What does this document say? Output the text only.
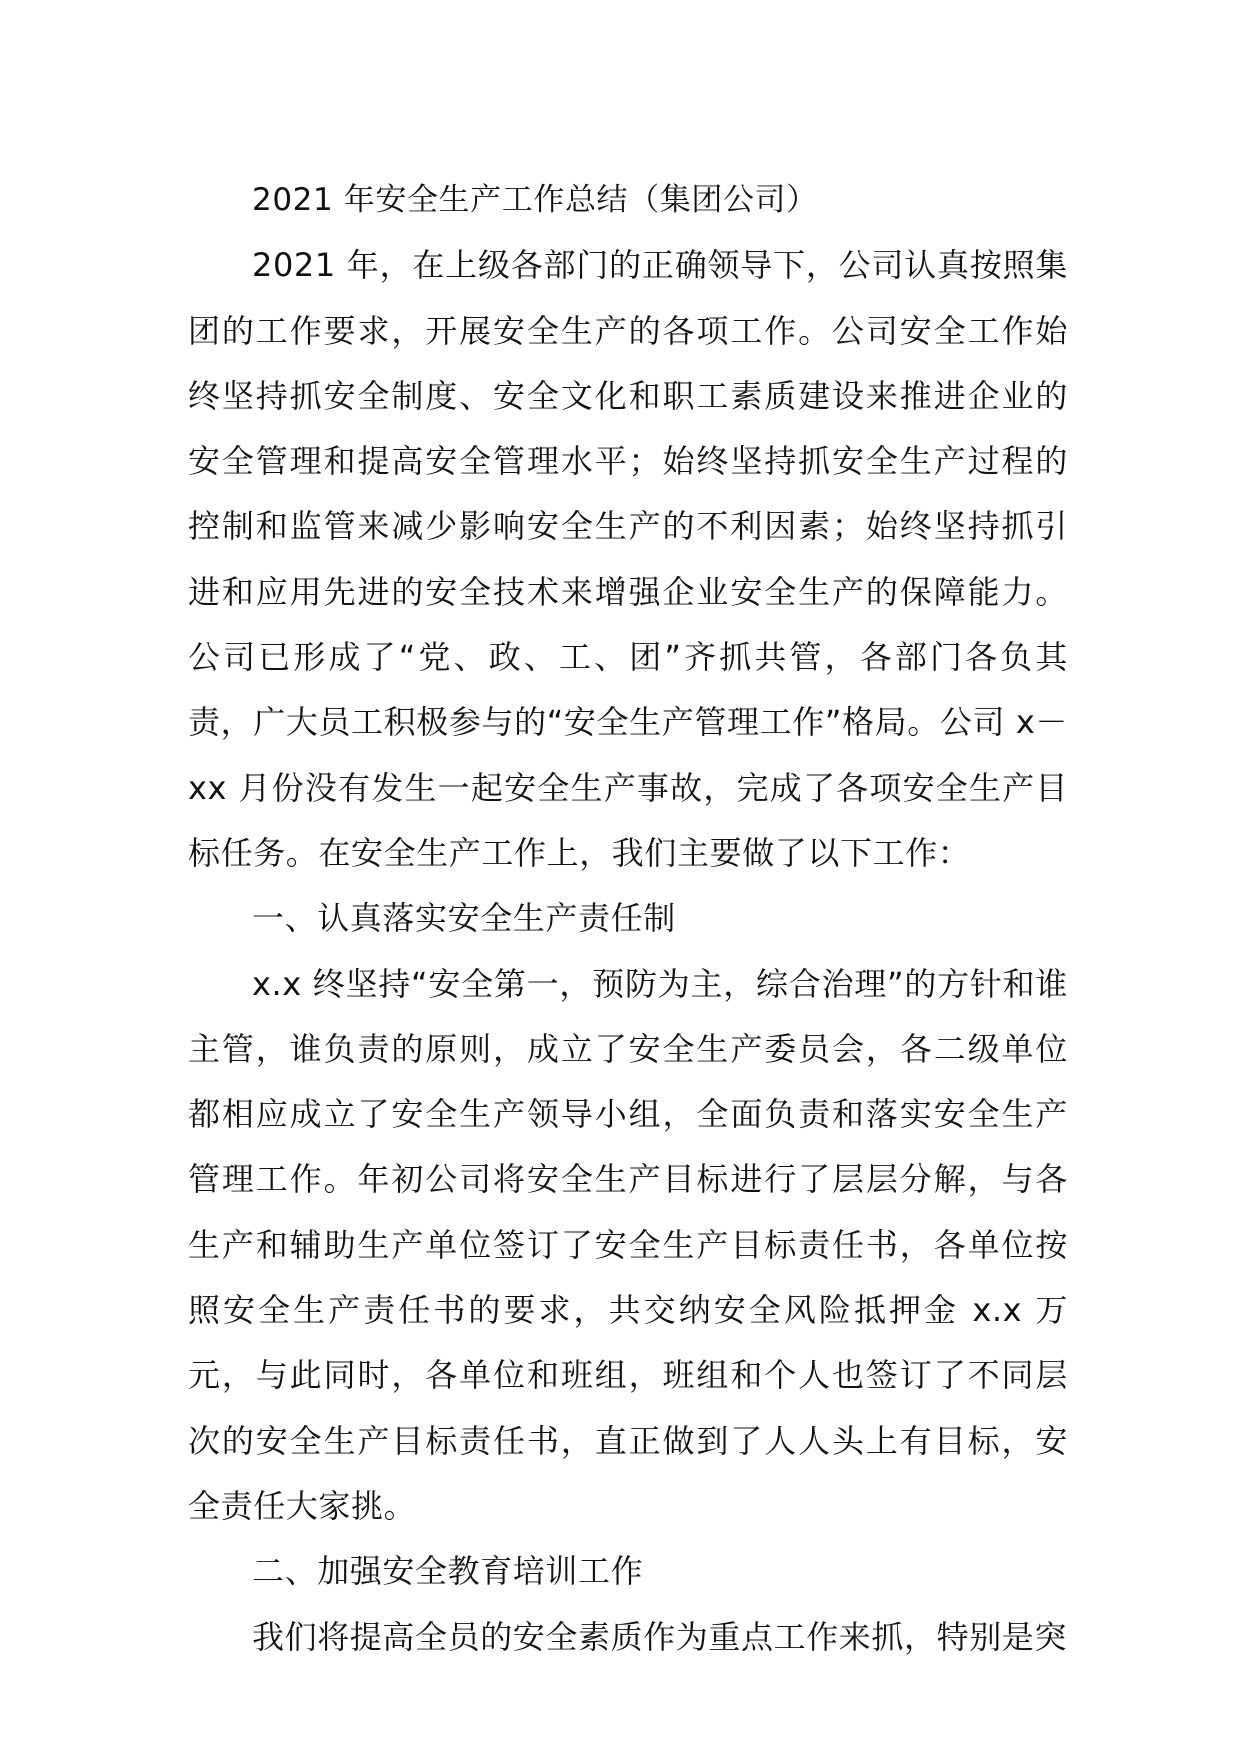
2021 年安全生产工作总结（集团公司）

2021 年，在上级各部门的正确领导下，公司认真按照集团的工作要求，开展安全生产的各项工作。公司安全工作始终坚持抓安全制度、安全文化和职工素质建设来推进企业的安全管理和提高安全管理水平；始终坚持抓安全生产过程的控制和监管来减少影响安全生产的不利因素；始终坚持抓引进和应用先进的安全技术来增强企业安全生产的保障能力。公司已形成了“党、政、工、团”齐抓共管，各部门各负其责，广大员工积极参与的“安全生产管理工作”格局。公司 x－xx 月份没有发生一起安全生产事故，完成了各项安全生产目标任务。在安全生产工作上，我们主要做了以下工作：

一、认真落实安全生产责任制

x.x 终坚持“安全第一，预防为主，综合治理”的方针和谁主管，谁负责的原则，成立了安全生产委员会，各二级单位都相应成立了安全生产领导小组，全面负责和落实安全生产管理工作。年初公司将安全生产目标进行了层层分解，与各生产和辅助生产单位签订了安全生产目标责任书，各单位按照安全生产责任书的要求，共交纳安全风险抵押金 x.x 万元，与此同时，各单位和班组，班组和个人也签订了不同层次的安全生产目标责任书，直正做到了人人头上有目标，安全责任大家挑。

二、加强安全教育培训工作

我们将提高全员的安全素质作为重点工作来抓，特别是突
